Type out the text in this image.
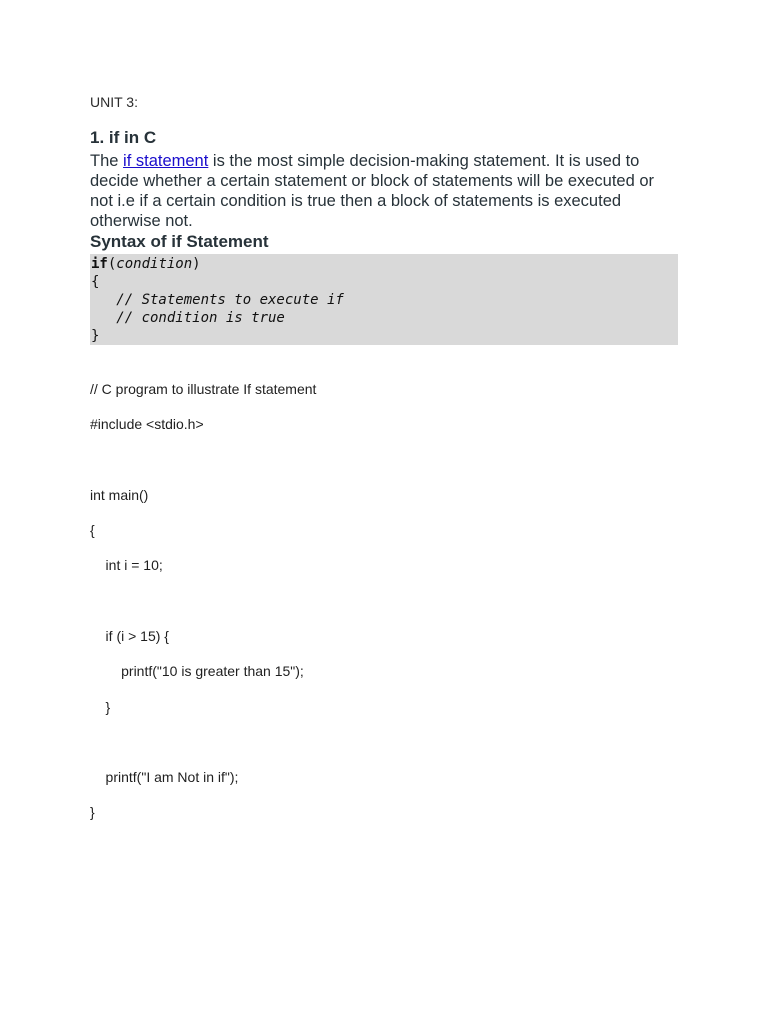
UNIT 3:

1. if in C

The if statement is the most simple decision-making statement. It is used to decide whether a certain statement or block of statements will be executed or not i.e if a certain condition is true then a block of statements is executed otherwise not.

Syntax of if Statement
if(condition)
{
// Statements to execute if
// condition is true
}

// C program to illustrate If statement

#include <stdio.h>

int main()

{

int i = 10;

if (i > 15) {

printf("10 is greater than 15");

}

printf("I am Not in if");

}
